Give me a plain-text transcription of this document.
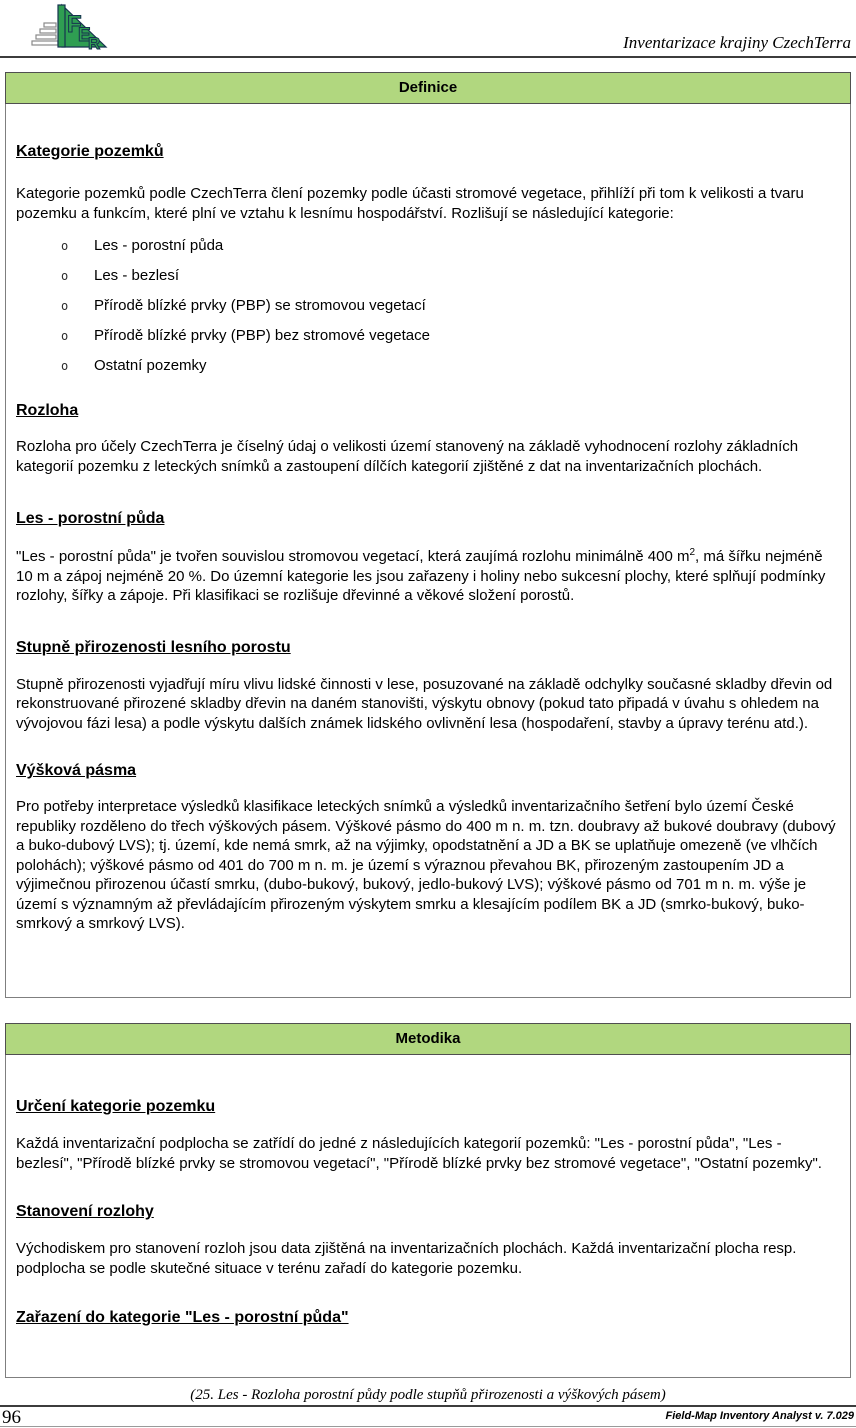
F
E
R	Inventarizace krajiny CzechTerra
Definice
Kategorie pozemků

Kategorie pozemků podle CzechTerra člení pozemky podle účasti stromové vegetace, přihlíží při tom k velikosti a tvaru pozemku a funkcím, které plní ve vztahu k lesnímu hospodářství. Rozlišují se následující kategorie:

o Les - porostní půda
o Les - bezlesí
o Přírodě blízké prvky (PBP) se stromovou vegetací
o Přírodě blízké prvky (PBP) bez stromové vegetace
o Ostatní pozemky
Rozloha

Rozloha pro účely CzechTerra je číselný údaj o velikosti území stanovený na základě vyhodnocení rozlohy základních kategorií pozemku z leteckých snímků a zastoupení dílčích kategorií zjištěné z dat na inventarizačních plochách.

Les - porostní půda

"Les - porostní půda" je tvořen souvislou stromovou vegetací, která zaujímá rozlohu minimálně 400 $m^2$, má šířku nejméně 10 m a zápoj nejméně 20 %. Do územní kategorie les jsou zařazeny i holiny nebo sukcesní plochy, které splňují podmínky rozlohy, šířky a zápoje. Při klasifikaci se rozlišuje dřevinné a věkové složení porostů.

Stupně přirozenosti lesního porostu

Stupně přirozenosti vyjadřují míru vlivu lidské činnosti v lese, posuzované na základě odchylky současné skladby dřevin od rekonstruované přirozené skladby dřevin na daném stanovišti, výskytu obnovy (pokud tato připadá v úvahu s ohledem na vývojovou fázi lesa) a podle výskytu dalších známek lidského ovlivnění lesa (hospodaření, stavby a úpravy terénu atd.).

Výšková pásma

Pro potřeby interpretace výsledků klasifikace leteckých snímků a výsledků inventarizačního šetření bylo území České republiky rozděleno do třech výškových pásem. Výškové pásmo do 400 m n. m. tzn. doubravy až bukové doubravy (dubový a buko-dubový LVS); tj. území, kde nemá smrk, až na výjimky, opodstatnění a JD a BK se uplatňuje omezeně (ve vlhčích polohách); výškové pásmo od 401 do 700 m n. m. je území s výraznou převahou BK, přirozeným zastoupením JD a výjimečnou přirozenou účastí smrku, (dubo-bukový, bukový, jedlo-bukový LVS); výškové pásmo od 701 m n. m. výše je území s významným až převládajícím přirozeným výskytem smrku a klesajícím podílem BK a JD (smrko-bukový, buko-smrkový a smrkový LVS).

Metodika
Určení kategorie pozemku

Každá inventarizační podplocha se zatřídí do jedné z následujících kategorií pozemků: "Les - porostní půda", "Les - bezlesí", "Přírodě blízké prvky se stromovou vegetací", "Přírodě blízké prvky bez stromové vegetace", "Ostatní pozemky".

Stanovení rozlohy

Východiskem pro stanovení rozloh jsou data zjištěná na inventarizačních plochách. Každá inventarizační plocha resp. podplocha se podle skutečné situace v terénu zařadí do kategorie pozemku.

Zařazení do kategorie "Les - porostní půda"
(25. Les - Rozloha porostní půdy podle stupňů přirozenosti a výškových pásem)
96	Field-Map Inventory Analyst v. 7.029
